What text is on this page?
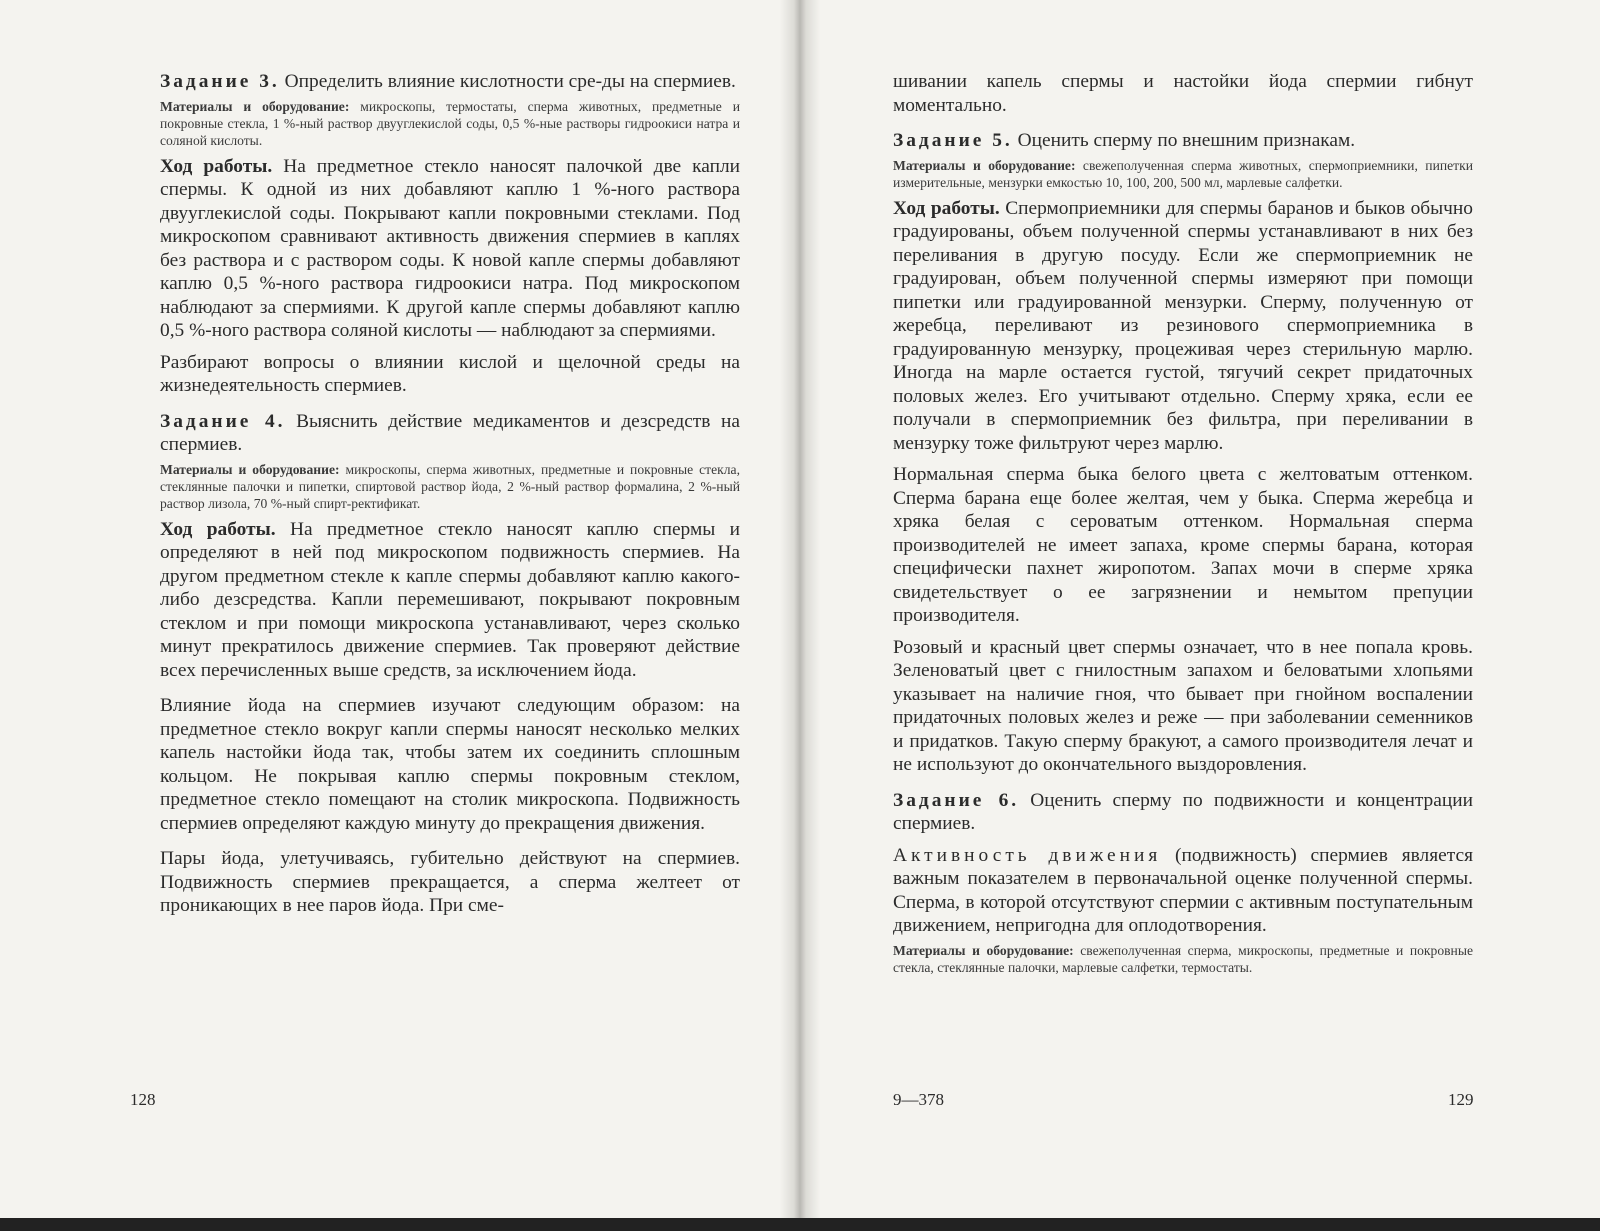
Задание 3. Определить влияние кислотности сре-ды на спермиев.

Материалы и оборудование: микроскопы, термостаты, сперма животных, предметные и покровные стекла, 1 %-ный раствор двууглекислой соды, 0,5 %-ные растворы гидроокиси натра и соляной кислоты.

Ход работы. На предметное стекло наносят палочкой две капли спермы. К одной из них добавляют каплю 1 %-ного раствора двууглекислой соды. Покрывают капли покровными стеклами. Под микроскопом сравнивают активность движения спермиев в каплях без раствора и с раствором соды. К новой капле спермы добавляют каплю 0,5 %-ного раствора гидроокиси натра. Под микроскопом наблюдают за спермиями. К другой капле спермы добавляют каплю 0,5 %-ного раствора соляной кислоты — наблюдают за спермиями.

Разбирают вопросы о влиянии кислой и щелочной среды на жизнедеятельность спермиев.

Задание 4. Выяснить действие медикаментов и дезсредств на спермиев.

Материалы и оборудование: микроскопы, сперма животных, предметные и покровные стекла, стеклянные палочки и пипетки, спиртовой раствор йода, 2 %-ный раствор формалина, 2 %-ный раствор лизола, 70 %-ный спирт-ректификат.

Ход работы. На предметное стекло наносят каплю спермы и определяют в ней под микроскопом подвижность спермиев. На другом предметном стекле к капле спермы добавляют каплю какого-либо дезсредства. Капли перемешивают, покрывают покровным стеклом и при помощи микроскопа устанавливают, через сколько минут прекратилось движение спермиев. Так проверяют действие всех перечисленных выше средств, за исключением йода.

Влияние йода на спермиев изучают следующим образом: на предметное стекло вокруг капли спермы наносят несколько мелких капель настойки йода так, чтобы затем их соединить сплошным кольцом. Не покрывая каплю спермы покровным стеклом, предметное стекло помещают на столик микроскопа. Подвижность спермиев определяют каждую минуту до прекращения движения.

Пары йода, улетучиваясь, губительно действуют на спермиев. Подвижность спермиев прекращается, а сперма желтеет от проникающих в нее паров йода. При сме-

128

шивании капель спермы и настойки йода спермии гибнут моментально.

Задание 5. Оценить сперму по внешним признакам.

Материалы и оборудование: свежеполученная сперма животных, спермоприемники, пипетки измерительные, мензурки емкостью 10, 100, 200, 500 мл, марлевые салфетки.

Ход работы. Спермоприемники для спермы баранов и быков обычно градуированы, объем полученной спермы устанавливают в них без переливания в другую посуду. Если же спермоприемник не градуирован, объем полученной спермы измеряют при помощи пипетки или градуированной мензурки. Сперму, полученную от жеребца, переливают из резинового спермоприемника в градуированную мензурку, процеживая через стерильную марлю. Иногда на марле остается густой, тягучий секрет придаточных половых желез. Его учитывают отдельно. Сперму хряка, если ее получали в спермоприемник без фильтра, при переливании в мензурку тоже фильтруют через марлю.

Нормальная сперма быка белого цвета с желтоватым оттенком. Сперма барана еще более желтая, чем у быка. Сперма жеребца и хряка белая с сероватым оттенком. Нормальная сперма производителей не имеет запаха, кроме спермы барана, которая специфически пахнет жиропотом. Запах мочи в сперме хряка свидетельствует о ее загрязнении и немытом препуции производителя.

Розовый и красный цвет спермы означает, что в нее попала кровь. Зеленоватый цвет с гнилостным запахом и беловатыми хлопьями указывает на наличие гноя, что бывает при гнойном воспалении придаточных половых желез и реже — при заболевании семенников и придатков. Такую сперму бракуют, а самого производителя лечат и не используют до окончательного выздоровления.

Задание 6. Оценить сперму по подвижности и концентрации спермиев.

Активность движения (подвижность) спермиев является важным показателем в первоначальной оценке полученной спермы. Сперма, в которой отсутствуют спермии с активным поступательным движением, непригодна для оплодотворения.

Материалы и оборудование: свежеполученная сперма, микроскопы, предметные и покровные стекла, стеклянные палочки, марлевые салфетки, термостаты.

9—378	129
